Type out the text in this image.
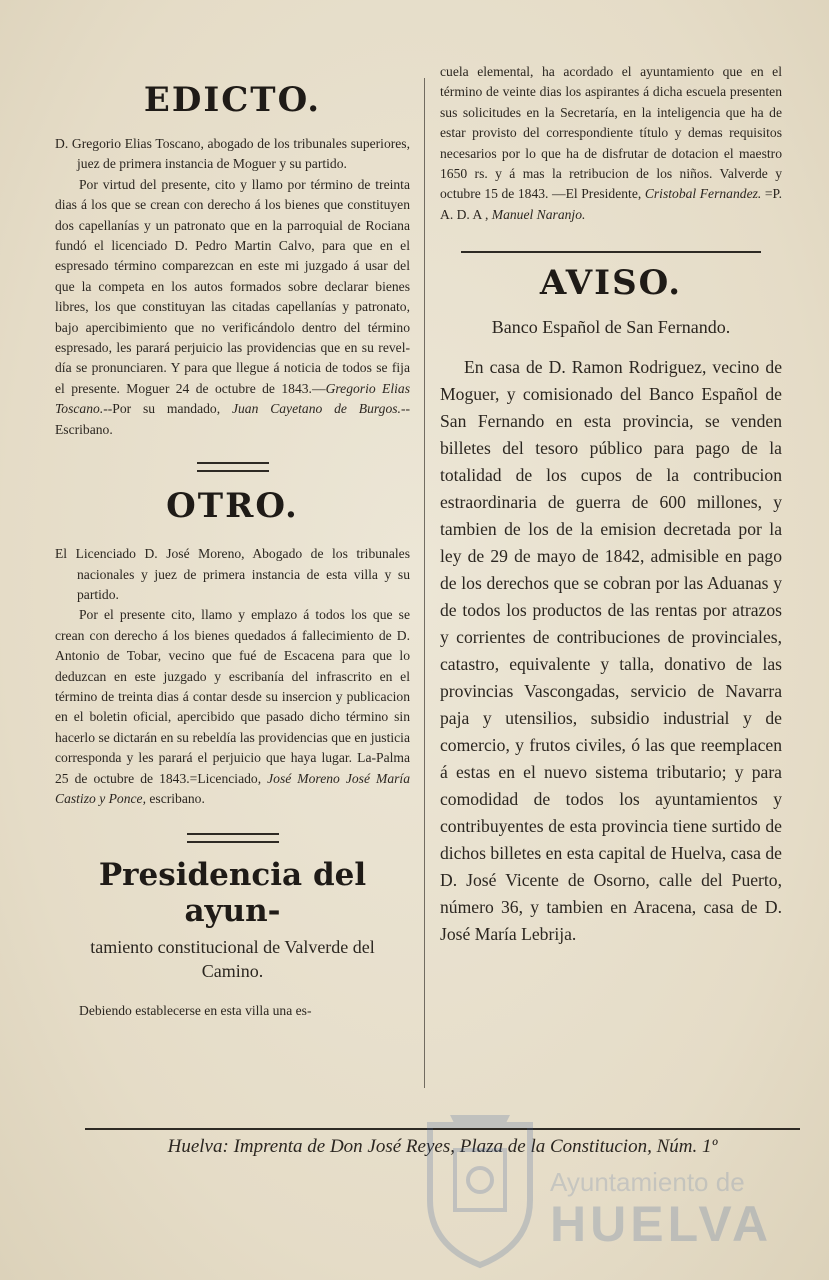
EDICTO.

D. Gregorio Elias Toscano, abogado de los tribunales superiores, juez de primera instancia de Moguer y su partido.

Por virtud del presente, cito y llamo por término de treinta dias á los que se crean con derecho á los bienes que constituyen dos capellanías y un patronato que en la parroquial de Rociana fundó el licenciado D. Pedro Martin Calvo, para que en el espresado término comparezcan en este mi juzgado á usar del que la competa en los autos formados sobre declarar bienes libres, los que constituyan las citadas capellanías y patronato, bajo apercibimiento que no verificándolo dentro del término espresado, les parará perjuicio las providencias que en su revel-día se pronunciaren. Y para que llegue á noticia de todos se fija el presente. Moguer 24 de octubre de 1843.—Gregorio Elias Toscano.--Por su mandado, Juan Cayetano de Burgos.--Escribano.

OTRO.

El Licenciado D. José Moreno, Abogado de los tribunales nacionales y juez de primera instancia de esta villa y su partido.

Por el presente cito, llamo y emplazo á todos los que se crean con derecho á los bienes quedados á fallecimiento de D. Antonio de Tobar, vecino que fué de Escacena para que lo deduzcan en este juzgado y escribanía del infrascrito en el término de treinta dias á contar desde su insercion y publicacion en el boletin oficial, apercibido que pasado dicho término sin hacerlo se dictarán en su rebeldía las providencias que en justicia corresponda y les parará el perjuicio que haya lugar. La-Palma 25 de octubre de 1843.=Licenciado, José Moreno José María Castizo y Ponce, escribano.

Presidencia del ayun-
tamiento constitucional de Valverde del Camino.

Debiendo establecerse en esta villa una es-

cuela elemental, ha acordado el ayuntamiento que en el término de veinte dias los aspirantes á dicha escuela presenten sus solicitudes en la Secretaría, en la inteligencia que ha de estar provisto del correspondiente título y demas requisitos necesarios por lo que ha de disfrutar de dotacion el maestro 1650 rs. y á mas la retribucion de los niños. Valverde y octubre 15 de 1843. —El Presidente, Cristobal Fernandez. =P. A. D. A , Manuel Naranjo.

AVISO.
Banco Español de San Fernando.

En casa de D. Ramon Rodriguez, vecino de Moguer, y comisionado del Banco Español de San Fernando en esta provincia, se venden billetes del tesoro público para pago de la totalidad de los cupos de la contribucion estraordinaria de guerra de 600 millones, y tambien de los de la emision decretada por la ley de 29 de mayo de 1842, admisible en pago de los derechos que se cobran por las Aduanas y de todos los productos de las rentas por atrazos y corrientes de contribuciones de provinciales, catastro, equivalente y talla, donativo de las provincias Vascongadas, servicio de Navarra paja y utensilios, subsidio industrial y de comercio, y frutos civiles, ó las que reemplacen á estas en el nuevo sistema tributario; y para comodidad de todos los ayuntamientos y contribuyentes de esta provincia tiene surtido de dichos billetes en esta capital de Huelva, casa de D. José Vicente de Osorno, calle del Puerto, número 36, y tambien en Aracena, casa de D. José María Lebrija.

Huelva: Imprenta de Don José Reyes, Plaza de la Constitucion, Núm. 1º
Ayuntamiento de
HUELVA
